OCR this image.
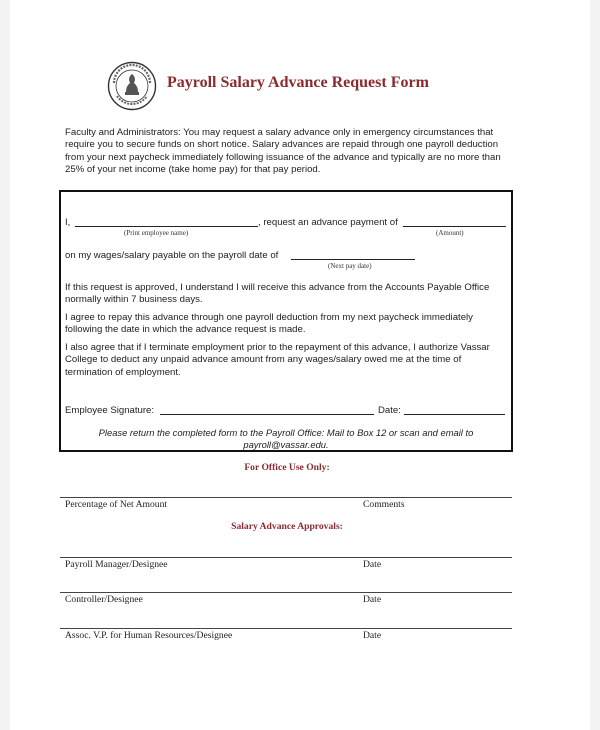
Payroll Salary Advance Request Form
Faculty and Administrators: You may request a salary advance only in emergency circumstances that require you to secure funds on short notice. Salary advances are repaid through one payroll deduction from your next paycheck immediately following issuance of the advance and typically are no more than 25% of your net income (take home pay) for that pay period.
I,	, request an advance payment of
(Print employee name)	(Amount)
on my wages/salary payable on the payroll date of
(Next pay date)
If this request is approved, I understand I will receive this advance from the Accounts Payable Office normally within 7 business days.
I agree to repay this advance through one payroll deduction from my next paycheck immediately following the date in which the advance request is made.
I also agree that if I terminate employment prior to the repayment of this advance, I authorize Vassar College to deduct any unpaid advance amount from any wages/salary owed me at the time of termination of employment.
Employee Signature:	Date:
Please return the completed form to the Payroll Office: Mail to Box 12 or scan and email to payroll@vassar.edu.
For Office Use Only:
Percentage of Net Amount	Comments
Salary Advance Approvals:
Payroll Manager/Designee	Date
Controller/Designee	Date
Assoc. V.P. for Human Resources/Designee	Date
